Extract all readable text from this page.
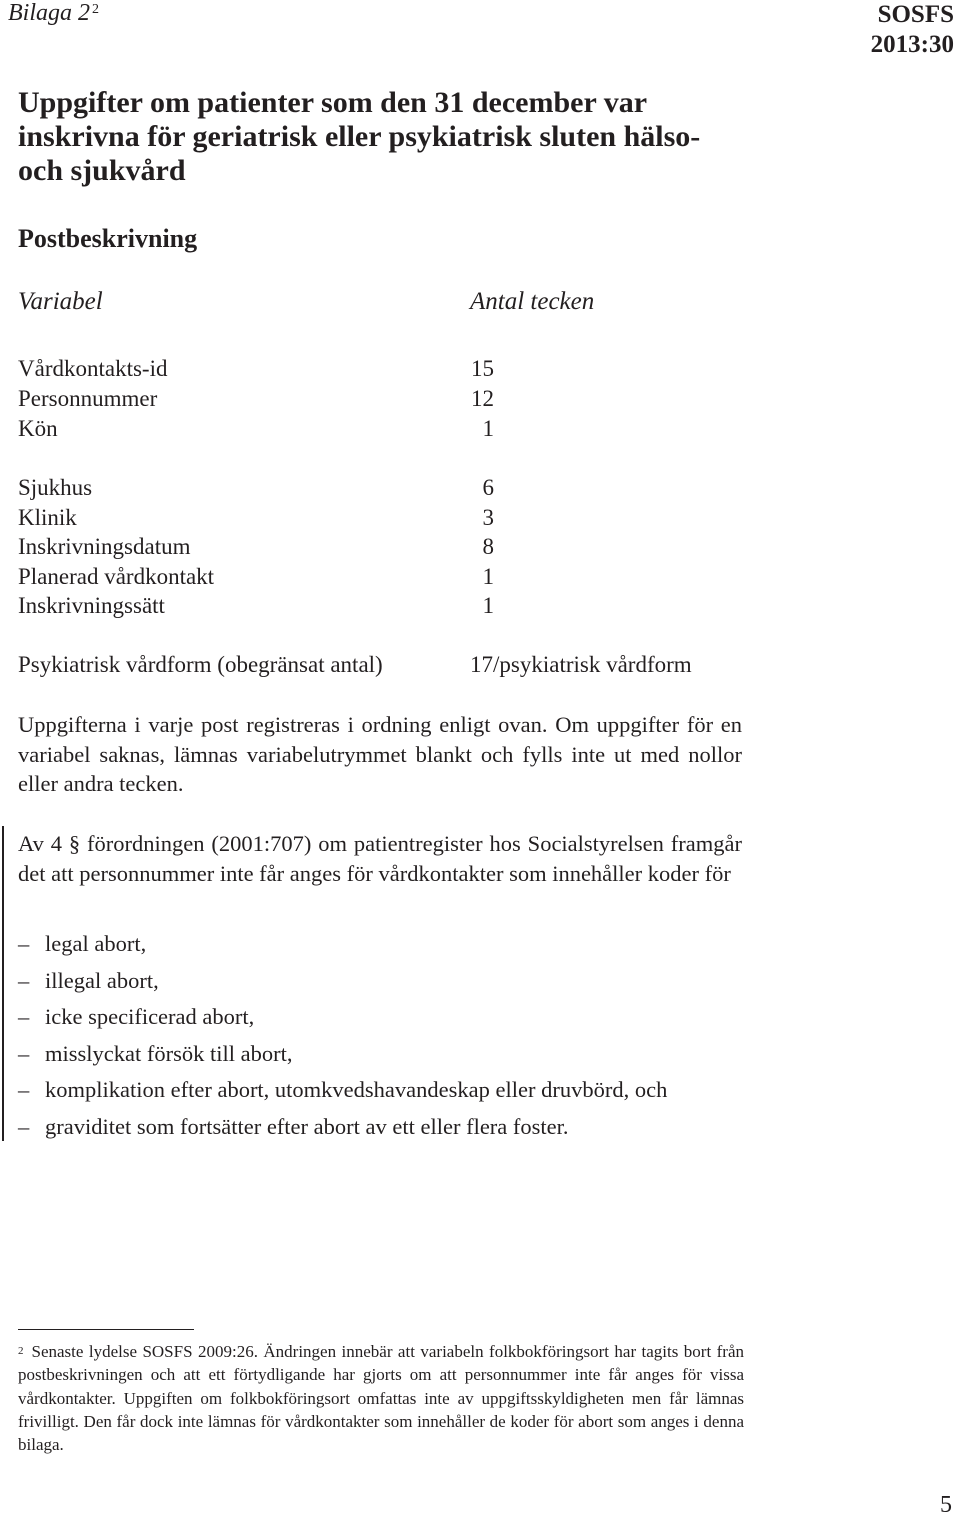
Bilaga 2 $^2$	SOSFS
2013:30
Uppgifter om patienter som den 31 december var inskrivna för geriatrisk eller psykiatrisk sluten hälso- och sjukvård
Postbeskrivning
Variabel	Antal tecken
Vårdkontakts-id	15
Personnummer	12
Kön	1
Sjukhus	6
Klinik	3
Inskrivningsdatum	8
Planerad vårdkontakt	1
Inskrivningssätt	1
Psykiatrisk vårdform (obegränsat antal)	17/psykiatrisk vårdform
Uppgifterna i varje post registreras i ordning enligt ovan. Om uppgifter för en variabel saknas, lämnas variabelutrymmet blankt och fylls inte ut med nollor eller andra tecken.
Av 4 § förordningen (2001:707) om patientregister hos Socialstyrelsen framgår det att personnummer inte får anges för vårdkontakter som innehåller koder för
– legal abort,
– illegal abort,
– icke specificerad abort,
– misslyckat försök till abort,
– komplikation efter abort, utomkvedshavandeskap eller druvbörd, och
– graviditet som fortsätter efter abort av ett eller flera foster.
$^2$ Senaste lydelse SOSFS 2009:26. Ändringen innebär att variabeln folkbokföringsort har tagits bort från postbeskrivningen och att ett förtydligande har gjorts om att personnummer inte får anges för vissa vårdkontakter. Uppgiften om folkbokföringsort omfattas inte av uppgiftsskyldigheten men får lämnas frivilligt. Den får dock inte lämnas för vårdkontakter som innehåller de koder för abort som anges i denna bilaga.
5
